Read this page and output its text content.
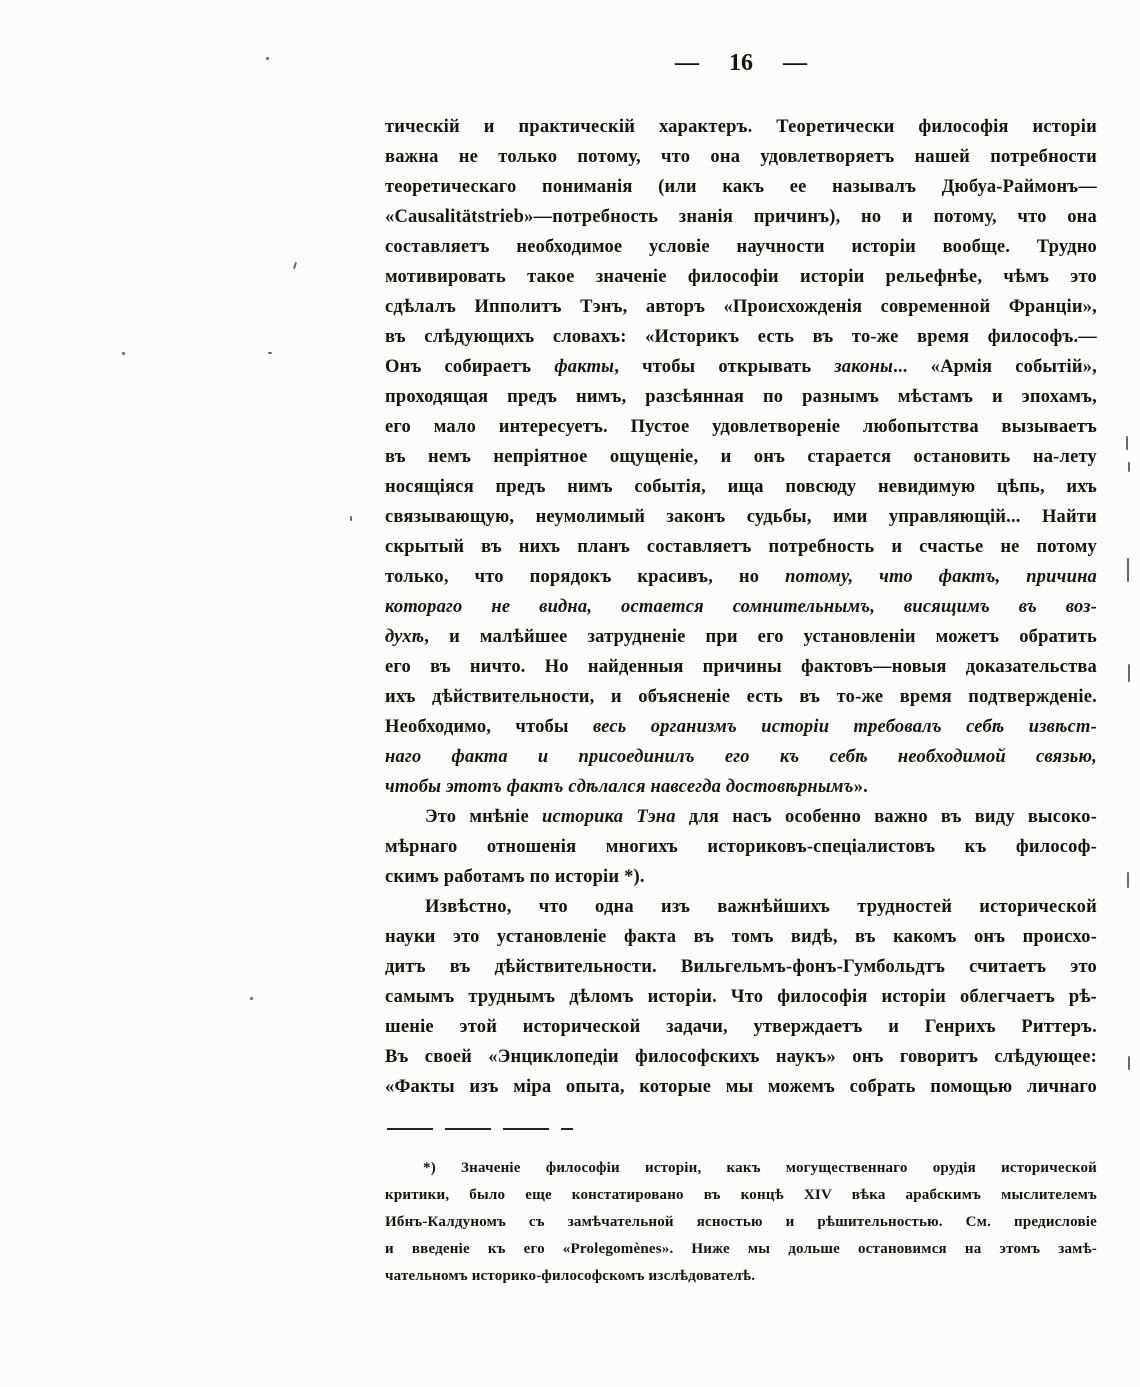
— 16 —
тическій и практическій характеръ. Теоретически философія исторіи
важна не только потому, что она удовлетворяетъ нашей потребности
теоретическаго пониманія (или какъ ее называлъ Дюбуа-Раймонъ—
«Causalitätstrieb»—потребность знанія причинъ), но и потому, что она
составляетъ необходимое условіе научности исторіи вообще. Трудно
мотивировать такое значеніе философіи исторіи рельефнѣе, чѣмъ это
сдѣлалъ Ипполитъ Тэнъ, авторъ «Происхожденія современной Франціи»,
въ слѣдующихъ словахъ: «Историкъ есть въ то-же время философъ.—
Онъ собираетъ факты, чтобы открывать законы... «Армія событій»,
проходящая предъ нимъ, разсѣянная по разнымъ мѣстамъ и эпохамъ,
его мало интересуетъ. Пустое удовлетвореніе любопытства вызываетъ
въ немъ непріятное ощущеніе, и онъ старается остановить на-лету
носящіяся предъ нимъ событія, ища повсюду невидимую цѣпь, ихъ
связывающую, неумолимый законъ судьбы, ими управляющій... Найти
скрытый въ нихъ планъ составляетъ потребность и счастье не потому
только, что порядокъ красивъ, но потому, что фактъ, причина
котораго не видна, остается сомнительнымъ, висящимъ въ воз-
духѣ, и малѣйшее затрудненіе при его установленіи можетъ обратить
его въ ничто. Но найденныя причины фактовъ—новыя доказательства
ихъ дѣйствительности, и объясненіе есть въ то-же время подтвержденіе.
Необходимо, чтобы весь организмъ исторіи требовалъ себѣ извѣст-
наго факта и присоединилъ его къ себѣ необходимой связью,
чтобы этотъ фактъ сдѣлался навсегда достовѣрнымъ».
Это мнѣніе историка Тэна для насъ особенно важно въ виду высоко-
мѣрнаго отношенія многихъ историковъ-спеціалистовъ къ философ-
скимъ работамъ по исторіи *).
Извѣстно, что одна изъ важнѣйшихъ трудностей исторической
науки это установленіе факта въ томъ видѣ, въ какомъ онъ происхо-
дитъ въ дѣйствительности. Вильгельмъ-фонъ-Гумбольдтъ считаетъ это
самымъ труднымъ дѣломъ исторіи. Что философія исторіи облегчаетъ рѣ-
шеніе этой исторической задачи, утверждаетъ и Генрихъ Риттеръ.
Въ своей «Энциклопедіи философскихъ наукъ» онъ говоритъ слѣдующее:
«Факты изъ міра опыта, которые мы можемъ собрать помощью личнаго
*) Значеніе философіи исторіи, какъ могущественнаго орудія исторической
критики, было еще констатировано въ концѣ XIV вѣка арабскимъ мыслителемъ
Ибнъ-Калдуномъ съ замѣчательной ясностью и рѣшительностью. См. предисловіе
и введеніе къ его «Prolegomènes». Ниже мы дольше остановимся на этомъ замѣ-
чательномъ историко-философскомъ изслѣдователѣ.
